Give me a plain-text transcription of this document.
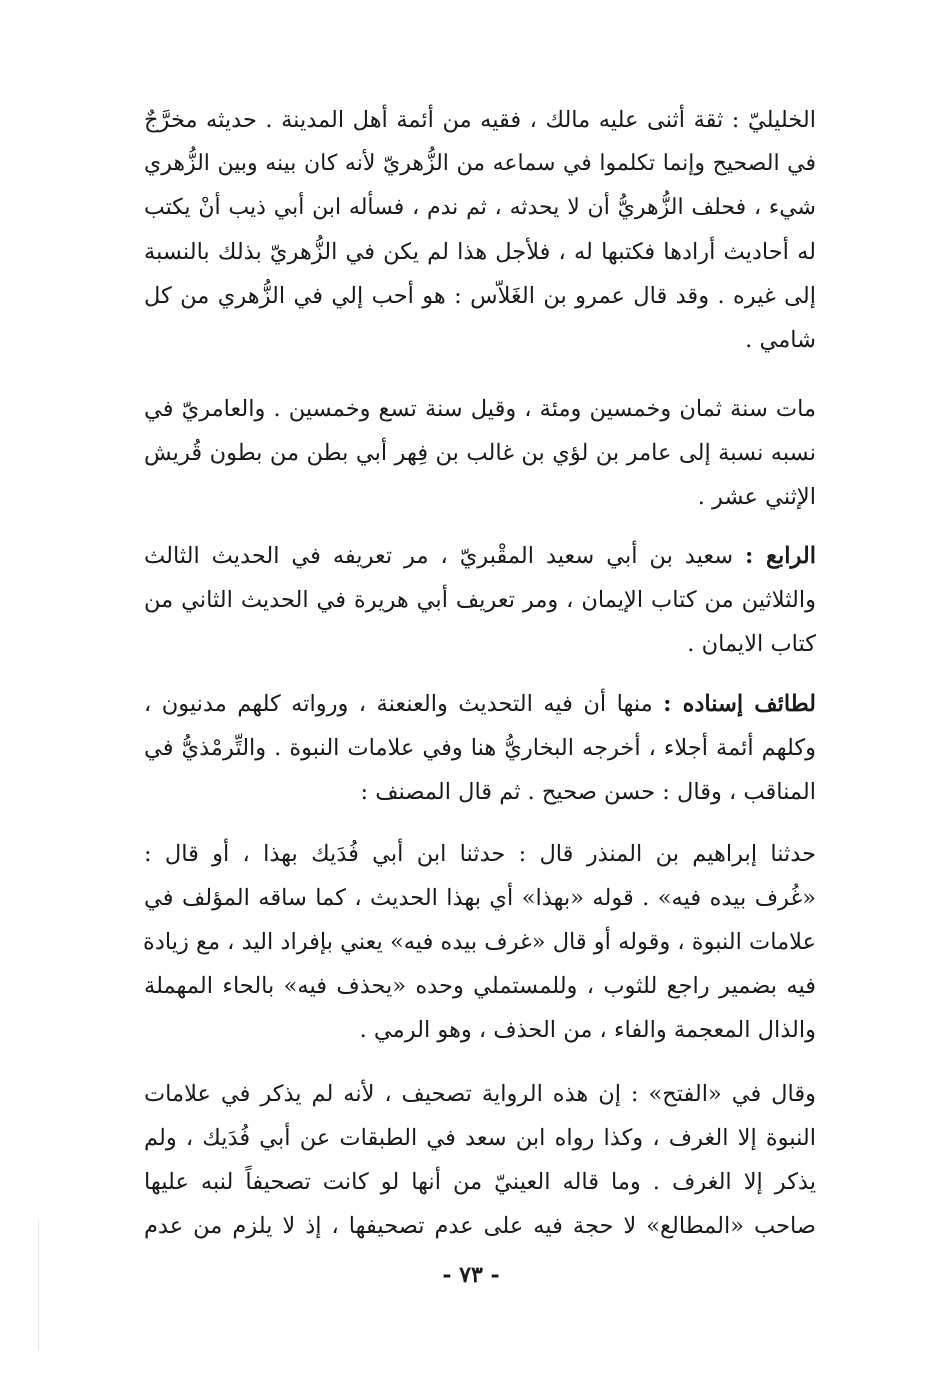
الخليليّ : ثقة أثنى عليه مالك ، فقيه من أئمة أهل المدينة . حديثه مخرَّجٌ
في الصحيح وإنما تكلموا في سماعه من الزُّهريّ لأنه كان بينه وبين الزُّهري
شيء ، فحلف الزُّهريُّ أن لا يحدثه ، ثم ندم ، فسأله ابن أبي ذيب أنْ يكتب
له أحاديث أرادها فكتبها له ، فلأجل هذا لم يكن في الزُّهريّ بذلك بالنسبة
إلى غيره . وقد قال عمرو بن الغَلاّس : هو أحب إلي في الزُّهري من كل
شامي .
مات سنة ثمان وخمسين ومئة ، وقيل سنة تسع وخمسين . والعامريّ في
نسبه نسبة إلى عامر بن لؤي بن غالب بن فِهر أبي بطن من بطون قُريش
الإثني عشر .
الرابع : سعيد بن أبي سعيد المقْبريّ ، مر تعريفه في الحديث الثالث
والثلاثين من كتاب الإيمان ، ومر تعريف أبي هريرة في الحديث الثاني من
كتاب الايمان .
لطائف إسناده : منها أن فيه التحديث والعنعنة ، ورواته كلهم مدنيون ،
وكلهم أئمة أجلاء ، أخرجه البخاريُّ هنا وفي علامات النبوة . والتِّرمْذيُّ في
المناقب ، وقال : حسن صحيح . ثم قال المصنف :
حدثنا إبراهيم بن المنذر قال : حدثنا ابن أبي فُدَيك بهذا ، أو قال :
«غُرف بيده فيه» . قوله «بهذا» أي بهذا الحديث ، كما ساقه المؤلف في
علامات النبوة ، وقوله أو قال «غرف بيده فيه» يعني بإفراد اليد ، مع زيادة
فيه بضمير راجع للثوب ، وللمستملي وحده «يحذف فيه» بالحاء المهملة
والذال المعجمة والفاء ، من الحذف ، وهو الرمي .
وقال في «الفتح» : إن هذه الرواية تصحيف ، لأنه لم يذكر في علامات
النبوة إلا الغرف ، وكذا رواه ابن سعد في الطبقات عن أبي فُدَيك ، ولم
يذكر إلا الغرف . وما قاله العينيّ من أنها لو كانت تصحيفاً لنبه عليها
صاحب «المطالع» لا حجة فيه على عدم تصحيفها ، إذ لا يلزم من عدم
- ٧٣ -
